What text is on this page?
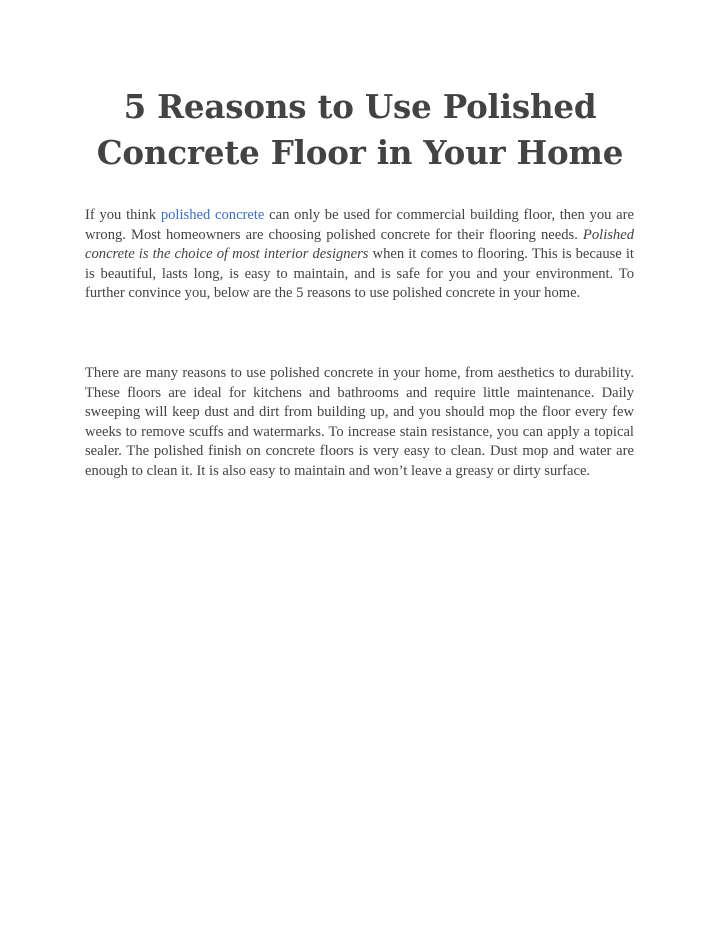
5 Reasons to Use Polished Concrete Floor in Your Home

If you think polished concrete can only be used for commercial building floor, then you are wrong. Most homeowners are choosing polished concrete for their flooring needs. Polished concrete is the choice of most interior designers when it comes to flooring. This is because it is beautiful, lasts long, is easy to maintain, and is safe for you and your environment. To further convince you, below are the 5 reasons to use polished concrete in your home.

There are many reasons to use polished concrete in your home, from aesthetics to durability. These floors are ideal for kitchens and bathrooms and require little maintenance. Daily sweeping will keep dust and dirt from building up, and you should mop the floor every few weeks to remove scuffs and watermarks. To increase stain resistance, you can apply a topical sealer. The polished finish on concrete floors is very easy to clean. Dust mop and water are enough to clean it. It is also easy to maintain and won’t leave a greasy or dirty surface.
